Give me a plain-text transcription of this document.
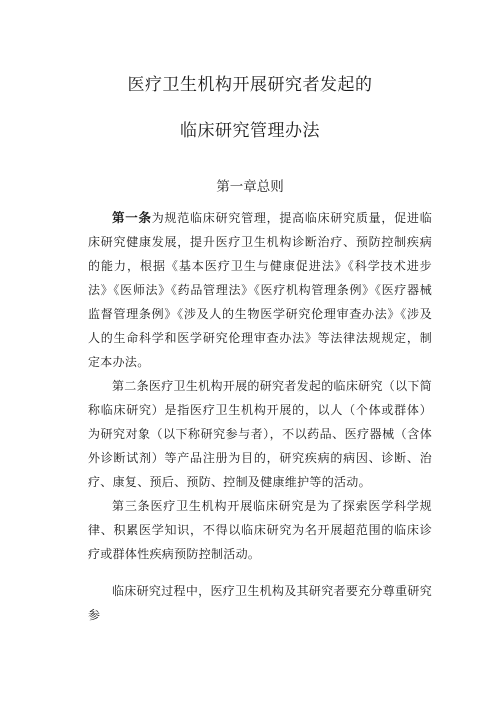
医疗卫生机构开展研究者发起的
临床研究管理办法
第一章总则

第一条为规范临床研究管理，提高临床研究质量，促进临床研究健康发展，提升医疗卫生机构诊断治疗、预防控制疾病的能力，根据《基本医疗卫生与健康促进法》《科学技术进步法》《医师法》《药品管理法》《医疗机构管理条例》《医疗器械监督管理条例》《涉及人的生物医学研究伦理审查办法》《涉及人的生命科学和医学研究伦理审查办法》等法律法规规定，制定本办法。

第二条医疗卫生机构开展的研究者发起的临床研究（以下简称临床研究）是指医疗卫生机构开展的，以人（个体或群体）为研究对象（以下称研究参与者），不以药品、医疗器械（含体外诊断试剂）等产品注册为目的，研究疾病的病因、诊断、治疗、康复、预后、预防、控制及健康维护等的活动。

第三条医疗卫生机构开展临床研究是为了探索医学科学规律、积累医学知识，不得以临床研究为名开展超范围的临床诊疗或群体性疾病预防控制活动。

临床研究过程中，医疗卫生机构及其研究者要充分尊重研究参
